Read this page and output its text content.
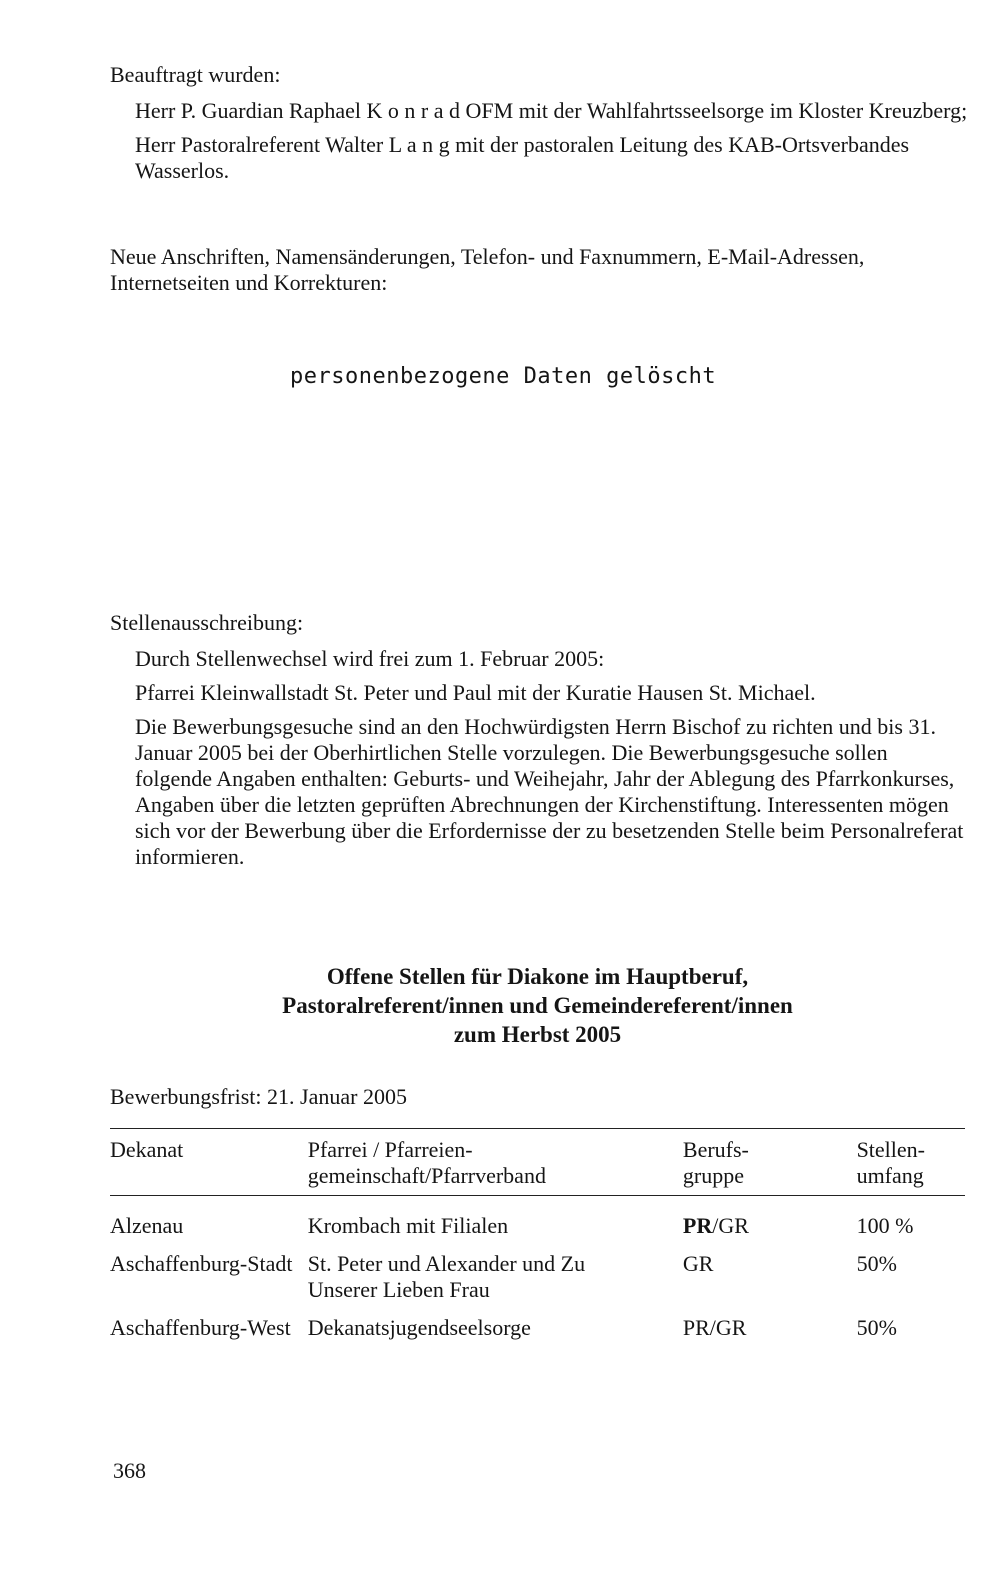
Beauftragt wurden:

Herr P. Guardian Raphael K o n r a d OFM mit der Wahlfahrtsseelsorge im Kloster Kreuzberg;

Herr Pastoralreferent Walter L a n g mit der pastoralen Leitung des KAB-Ortsverbandes Wasserlos.

Neue Anschriften, Namensänderungen, Telefon- und Faxnummern, E-Mail-Adressen, Internetseiten und Korrekturen:

personenbezogene Daten gelöscht

Stellenausschreibung:

Durch Stellenwechsel wird frei zum 1. Februar 2005:

Pfarrei Kleinwallstadt St. Peter und Paul mit der Kuratie Hausen St. Michael.

Die Bewerbungsgesuche sind an den Hochwürdigsten Herrn Bischof zu richten und bis 31. Januar 2005 bei der Oberhirtlichen Stelle vorzulegen. Die Bewerbungsgesuche sollen folgende Angaben enthalten: Geburts- und Weihejahr, Jahr der Ablegung des Pfarrkonkurses, Angaben über die letzten geprüften Abrechnungen der Kirchenstiftung. Interessenten mögen sich vor der Bewerbung über die Erfordernisse der zu besetzenden Stelle beim Personalreferat informieren.

Offene Stellen für Diakone im Hauptberuf,
Pastoralreferent/innen und Gemeindereferent/innen
zum Herbst 2005
Bewerbungsfrist: 21. Januar 2005
Dekanat	Pfarrei / Pfarreien-gemeinschaft/Pfarrverband	Berufs-gruppe	Stellen-umfang
Alzenau	Krombach mit Filialen	PR/GR	100 %
Aschaffenburg-Stadt	St. Peter und Alexander und Zu Unserer Lieben Frau	GR	50%
Aschaffenburg-West	Dekanatsjugendseelsorge	PR/GR	50%
368
